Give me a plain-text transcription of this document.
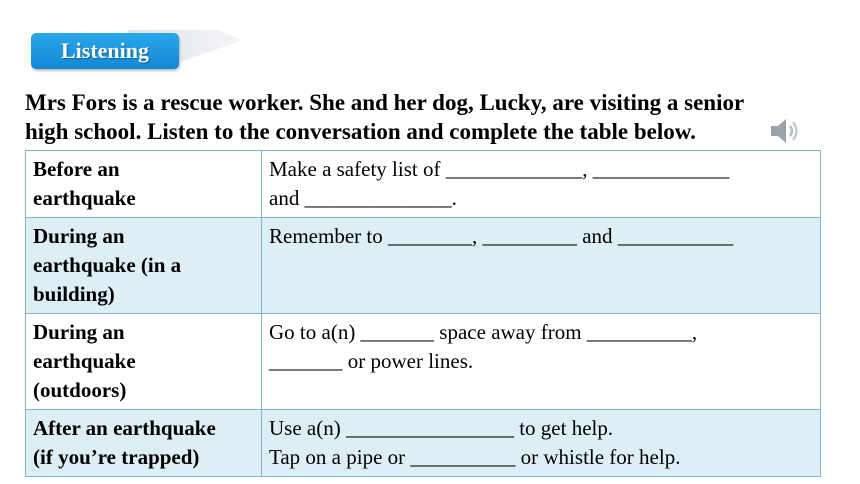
Listening
Mrs Fors is a rescue worker. She and her dog, Lucky, are visiting a senior
high school. Listen to the conversation and complete the table below.
Before an
earthquake	Make a safety list of _____________, _____________
and ______________.

During an
earthquake (in a
building)	Remember to ________, _________ and ___________

During an
earthquake
(outdoors)	Go to a(n) _______ space away from __________,
_______ or power lines.

After an earthquake
(if you’re trapped)	Use a(n) ________________ to get help.
Tap on a pipe or __________ or whistle for help.
